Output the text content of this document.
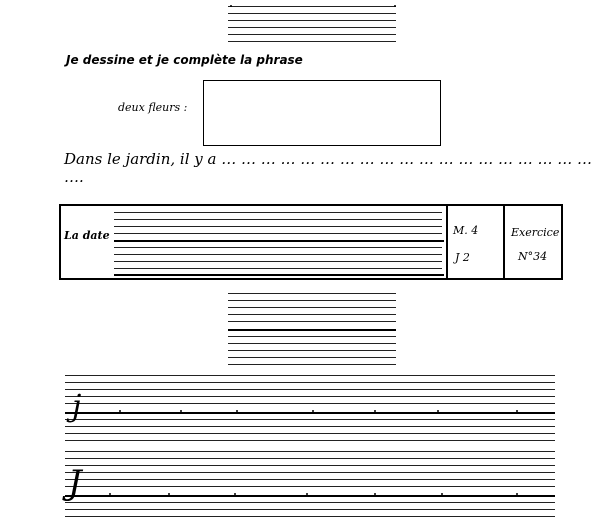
Je dessine et je complète la phrase
deux fleurs :
Dans le jardin, il y a … … … … … … … … … … … … … … … … … … … ….
La date	M. 4
J 2
Exercice
N°34
j
J
